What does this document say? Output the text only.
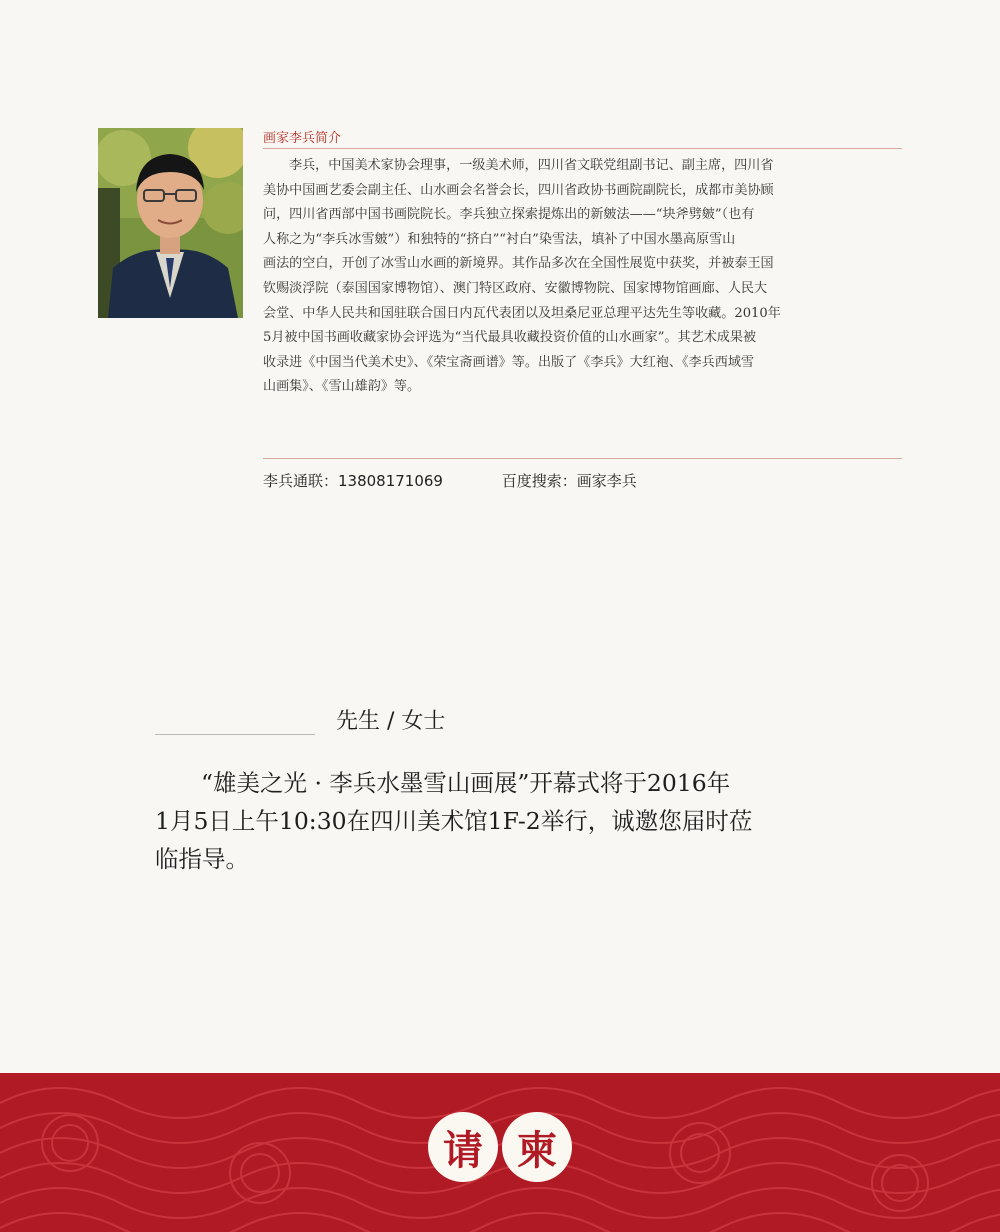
画家李兵简介
李兵，中国美术家协会理事，一级美术师，四川省文联党组副书记、副主席，四川省
美协中国画艺委会副主任、山水画会名誉会长，四川省政协书画院副院长，成都市美协顾
问，四川省西部中国书画院院长。李兵独立探索提炼出的新皴法——“块斧劈皴”（也有
人称之为“李兵冰雪皴”）和独特的“挤白”“衬白”染雪法，填补了中国水墨高原雪山
画法的空白，开创了冰雪山水画的新境界。其作品多次在全国性展览中获奖，并被泰王国
钦赐淡浮院（泰国国家博物馆）、澳门特区政府、安徽博物院、国家博物馆画廊、人民大
会堂、中华人民共和国驻联合国日内瓦代表团以及坦桑尼亚总理平达先生等收藏。2010年
5月被中国书画收藏家协会评选为“当代最具收藏投资价值的山水画家”。其艺术成果被
收录进《中国当代美术史》、《荣宝斋画谱》等。出版了《李兵》大红袍、《李兵西域雪
山画集》、《雪山雄韵》等。
李兵通联：13808171069	百度搜索：画家李兵
先生 / 女士
“雄美之光 · 李兵水墨雪山画展”开幕式将于2016年
1月5日上午10:30在四川美术馆1F-2举行，诚邀您届时莅
临指导。
请 柬
